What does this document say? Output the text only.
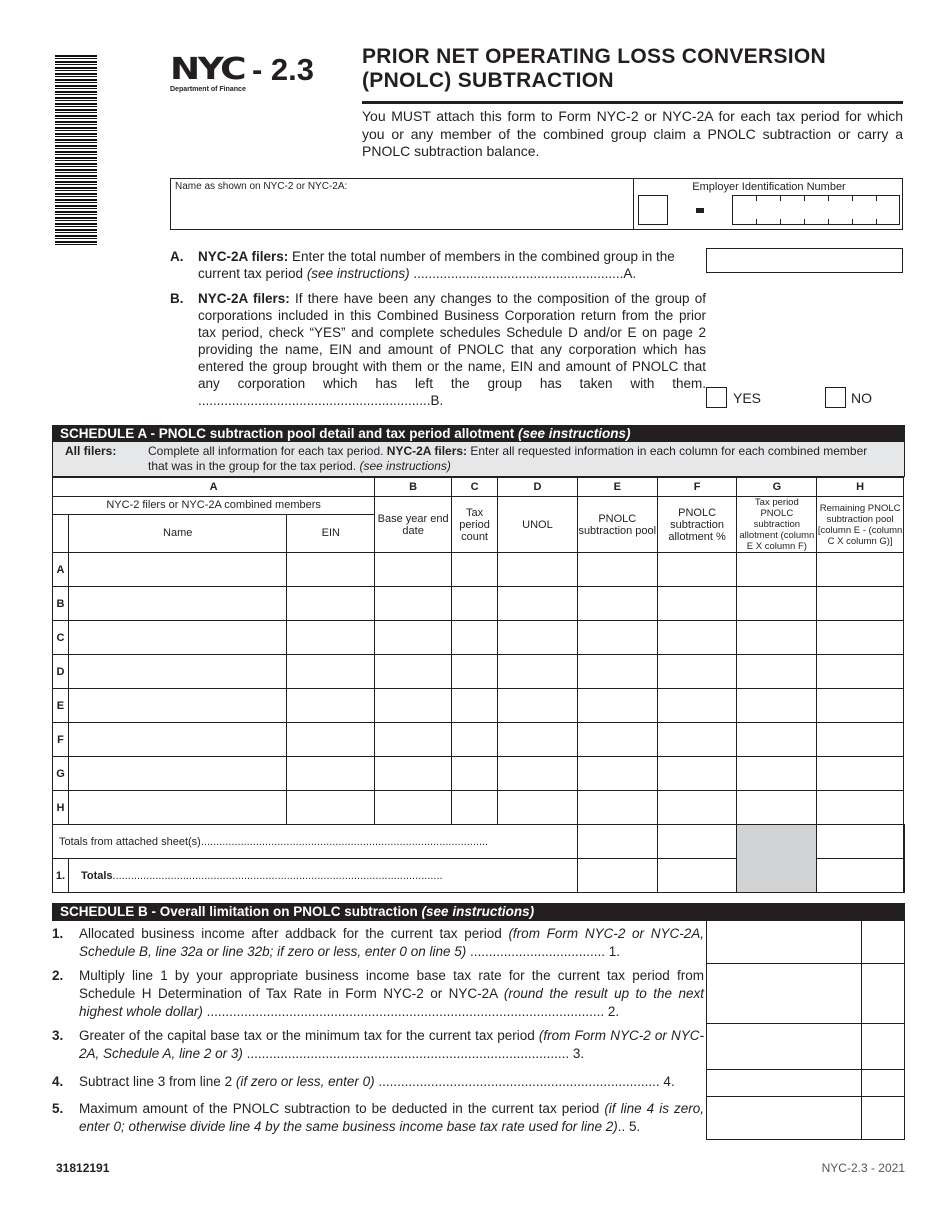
NYC - 2.3
Department of Finance
PRIOR NET OPERATING LOSS CONVERSION
(PNOLC) SUBTRACTION
You MUST attach this form to Form NYC-2 or NYC-2A for each tax period for which you or any member of the combined group claim a PNOLC subtraction or carry a PNOLC subtraction balance.
Name as shown on NYC-2 or NYC-2A:	Employer Identification Number
A. NYC-2A filers: Enter the total number of members in the combined group in the current tax period (see instructions) ........................................................A.
B. NYC-2A filers: If there have been any changes to the composition of the group of corporations included in this Combined Business Corporation return from the prior tax period, check “YES” and complete schedules Schedule D and/or E on page 2 providing the name, EIN and amount of PNOLC that any corporation which has entered the group brought with them or the name, EIN and amount of PNOLC that any corporation which has left the group has taken with them. ..............................................................B.	YES	NO
SCHEDULE A - PNOLC subtraction pool detail and tax period allotment (see instructions)
All filers:	Complete all information for each tax period. NYC-2A filers: Enter all requested information in each column for each combined member that was in the group for the tax period. (see instructions)
A			B	C	D	E	F	G	H	
NYC-2 filers or NYC-2A combined members			Base year end date	Tax period count	UNOL	PNOLC subtraction pool	PNOLC subtraction allotment %	Tax period PNOLC subtraction allotment (column E X column F)	Remaining PNOLC subtraction pool [column E - (column C X column G)]	
	Name	EIN								
A										
B										
C										
D										
E										
F										
G										
H										
Totals from attached sheet(s)..............................................................................................										
1.	Totals............................................................................................................									
SCHEDULE B - Overall limitation on PNOLC subtraction (see instructions)
1. Allocated business income after addback for the current tax period (from Form NYC-2 or NYC-2A, Schedule B, line 32a or line 32b; if zero or less, enter 0 on line 5) .................................... 1.
2. Multiply line 1 by your appropriate business income base tax rate for the current tax period from Schedule H Determination of Tax Rate in Form NYC-2 or NYC-2A (round the result up to the next highest whole dollar) .......................................................................................................... 2.
3. Greater of the capital base tax or the minimum tax for the current tax period (from Form NYC-2 or NYC-2A, Schedule A, line 2 or 3) ...................................................................................... 3.
4. Subtract line 3 from line 2 (if zero or less, enter 0) ........................................................................... 4.
5. Maximum amount of the PNOLC subtraction to be deducted in the current tax period (if line 4 is zero, enter 0; otherwise divide line 4 by the same business income base tax rate used for line 2).. 5.
31812191	NYC-2.3 - 2021
